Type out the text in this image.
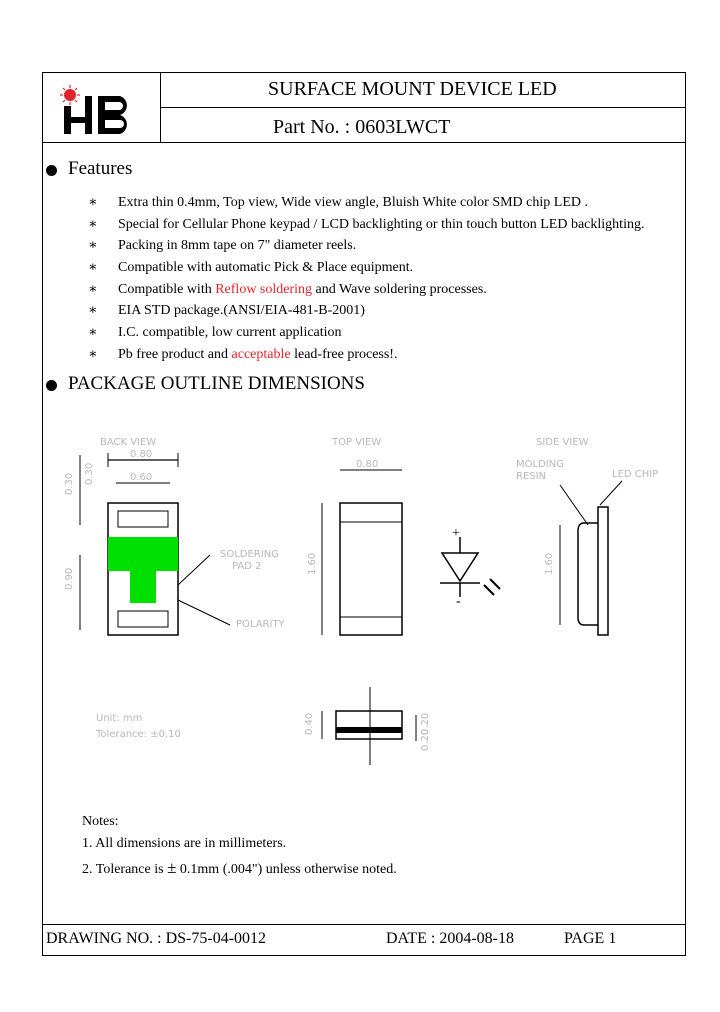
SURFACE MOUNT DEVICE LED
Part No. : 0603LWCT
Features
∗ Extra thin 0.4mm, Top view, Wide view angle, Bluish White color SMD chip LED .
∗ Special for Cellular Phone keypad / LCD backlighting or thin touch button LED backlighting.
∗ Packing in 8mm tape on 7" diameter reels.
∗ Compatible with automatic Pick & Place equipment.
∗ Compatible with Reflow soldering and Wave soldering processes.
∗ EIA STD package.(ANSI/EIA-481-B-2001)
∗ I.C. compatible, low current application
∗ Pb free product and acceptable lead-free process!.
PACKAGE OUTLINE DIMENSIONS
BACK VIEW
0.80
0.60
0.30 0.30
0.90
SOLDERING
PAD 2
POLARITY
TOP VIEW
0.80
1.60
+
-
SIDE VIEW
MOLDING
RESIN	LED CHIP
1.60
0.40	0.20
0.20
Unit: mm
Tolerance: ±0.10
Notes:
1. All dimensions are in millimeters.
2. Tolerance is ± 0.1mm (.004") unless otherwise noted.
DRAWING NO. : DS-75-04-0012	DATE : 2004-08-18	PAGE 1
